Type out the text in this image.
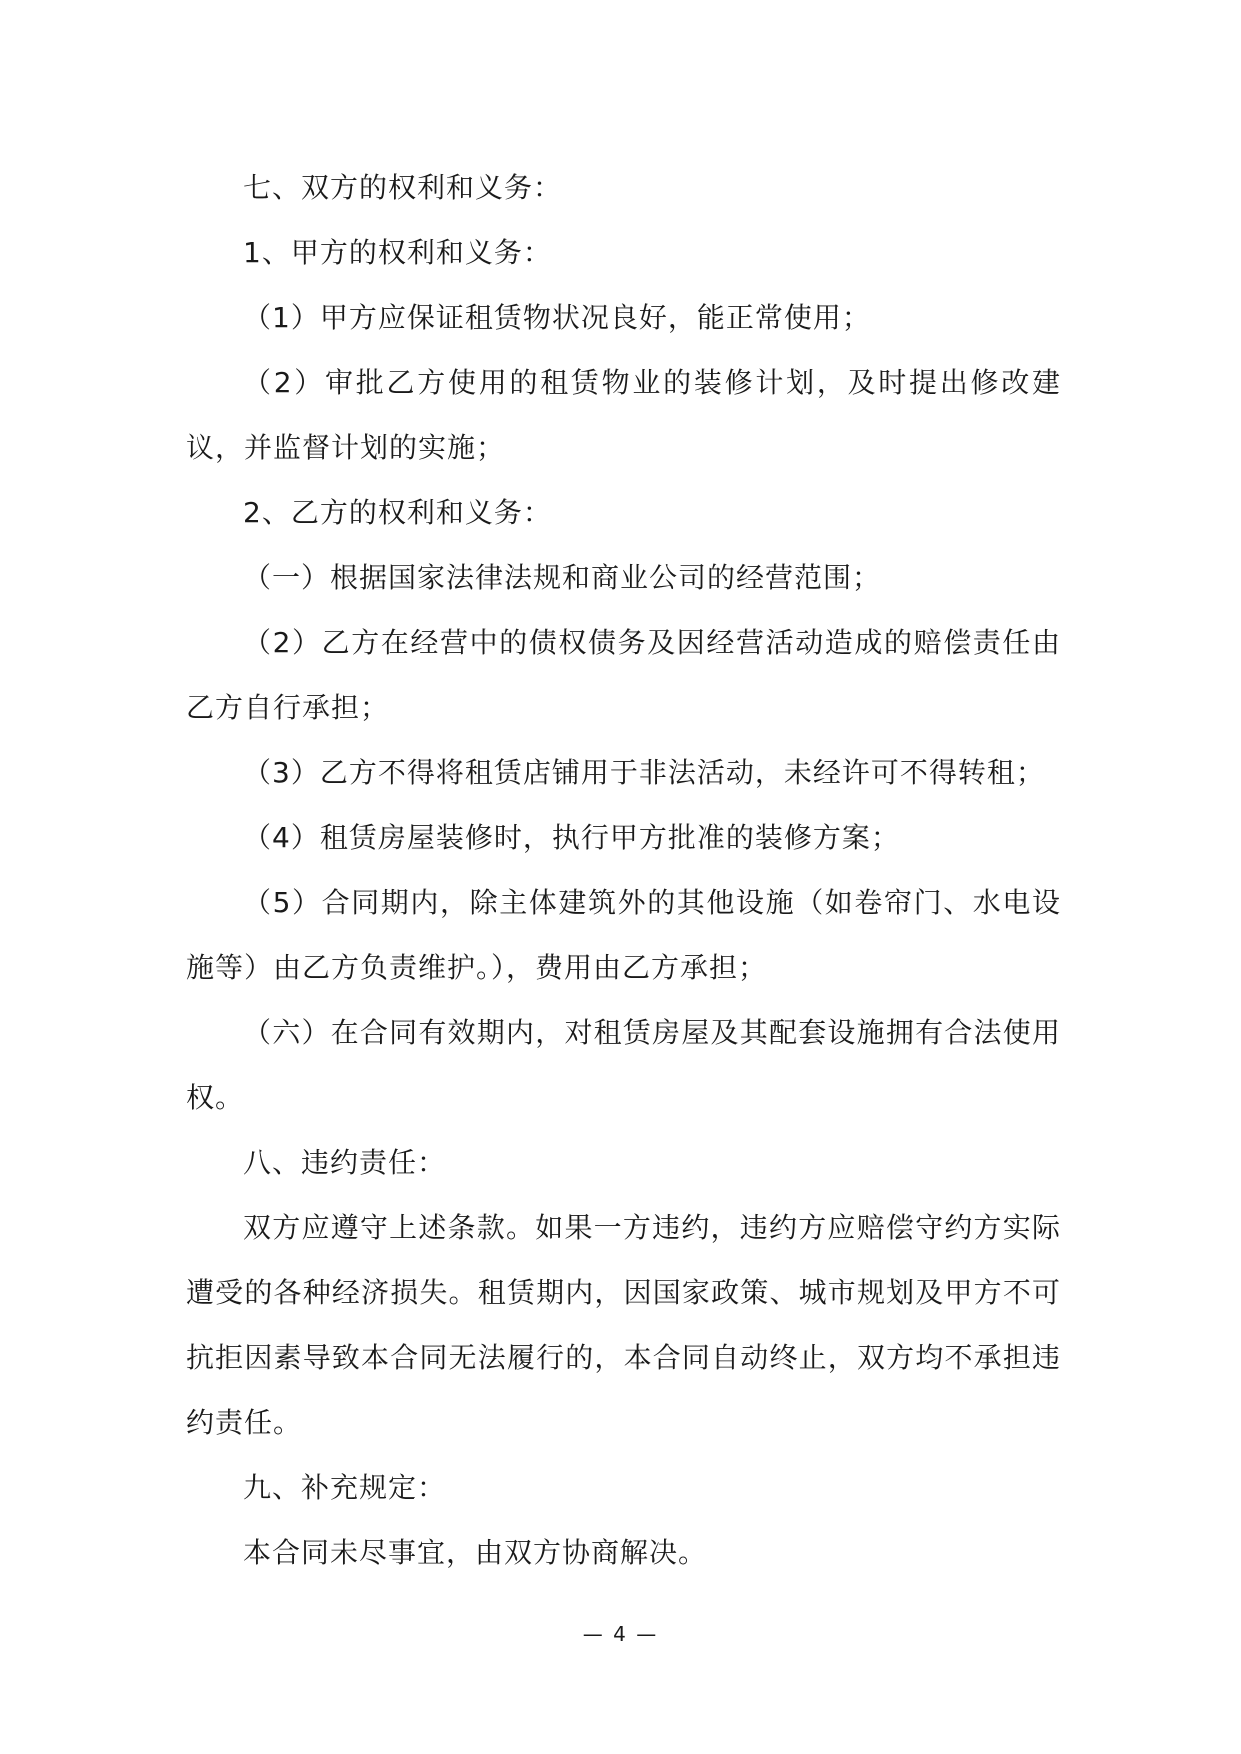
七、双方的权利和义务：

1、甲方的权利和义务：

（1）甲方应保证租赁物状况良好，能正常使用；

（2）审批乙方使用的租赁物业的装修计划，及时提出修改建议，并监督计划的实施；

2、乙方的权利和义务：

（一）根据国家法律法规和商业公司的经营范围；

（2）乙方在经营中的债权债务及因经营活动造成的赔偿责任由乙方自行承担；

（3）乙方不得将租赁店铺用于非法活动，未经许可不得转租；

（4）租赁房屋装修时，执行甲方批准的装修方案；

（5）合同期内，除主体建筑外的其他设施（如卷帘门、水电设施等）由乙方负责维护。），费用由乙方承担；

（六）在合同有效期内，对租赁房屋及其配套设施拥有合法使用权。

八、违约责任：

双方应遵守上述条款。如果一方违约，违约方应赔偿守约方实际遭受的各种经济损失。租赁期内，因国家政策、城市规划及甲方不可抗拒因素导致本合同无法履行的，本合同自动终止，双方均不承担违约责任。

九、补充规定：

本合同未尽事宜，由双方协商解决。

— 4 —
